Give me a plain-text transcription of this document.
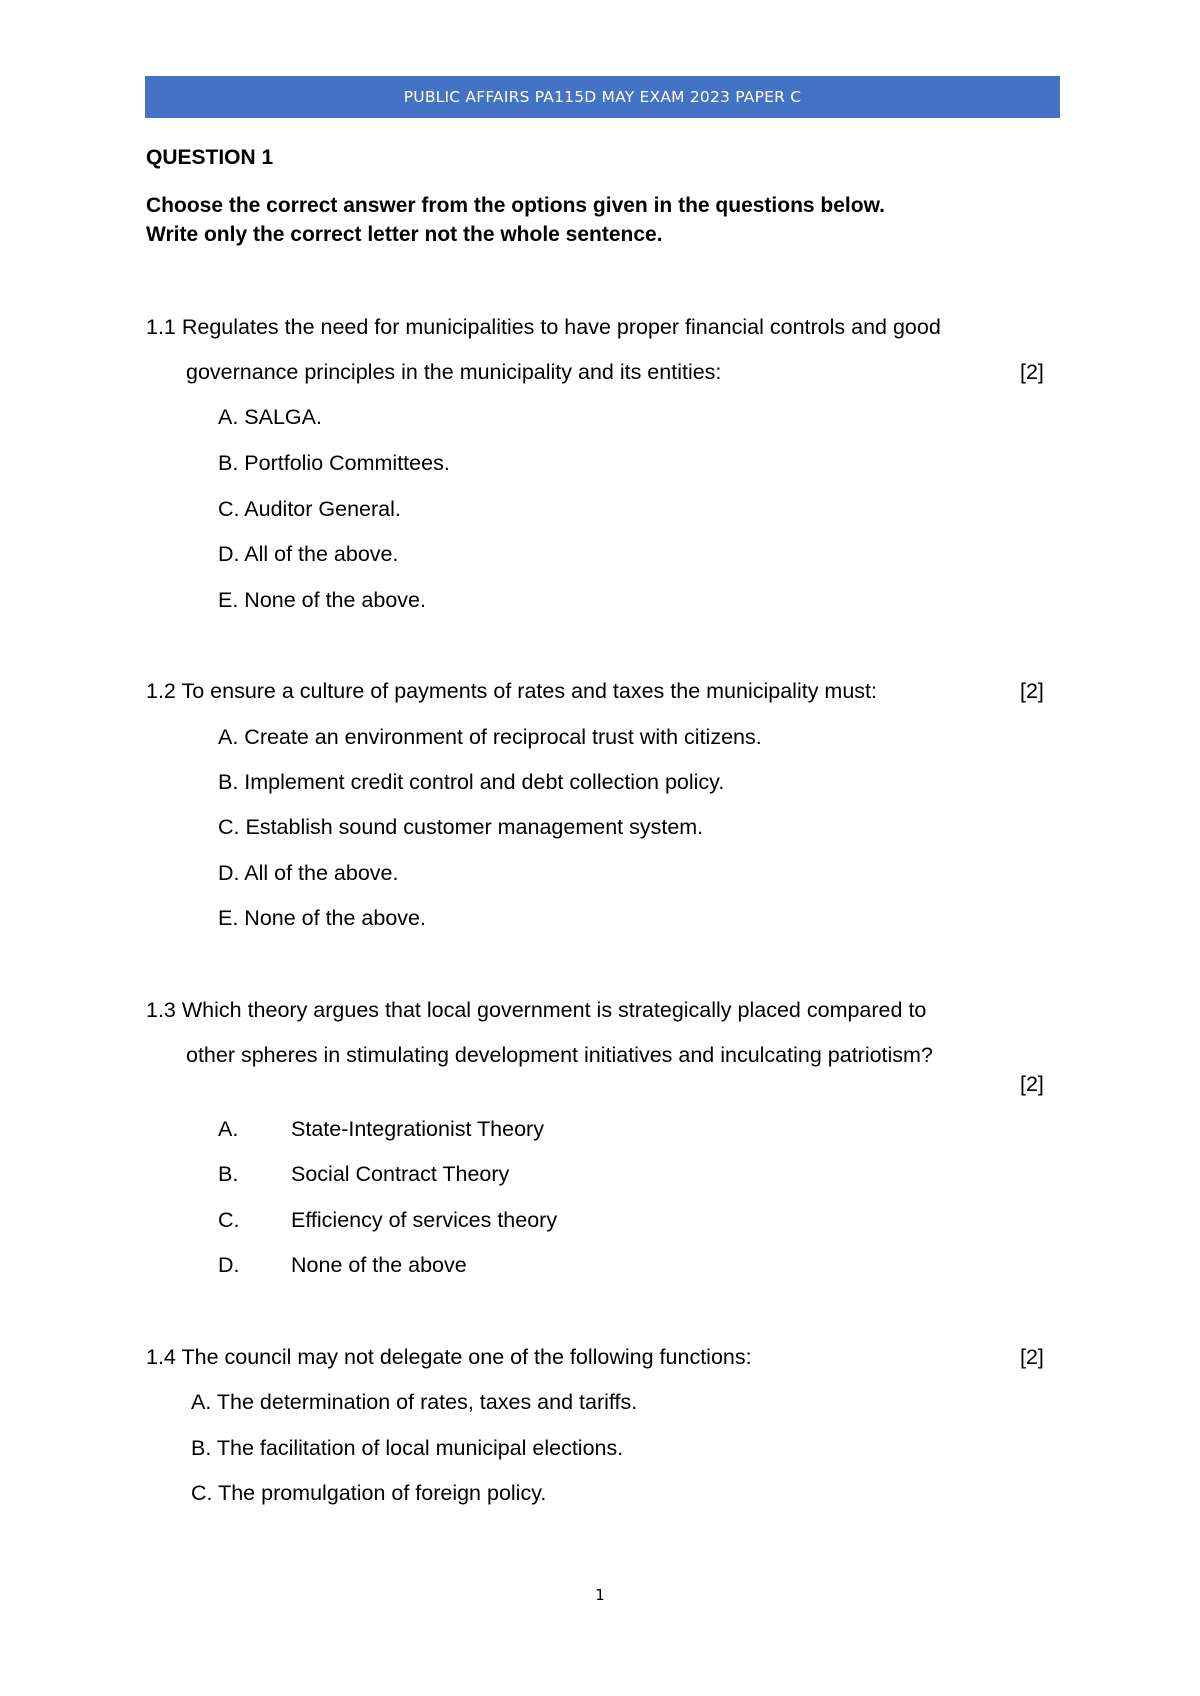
PUBLIC AFFAIRS PA115D MAY EXAM 2023 PAPER C
QUESTION 1
Choose the correct answer from the options given in the questions below.
Write only the correct letter not the whole sentence.
1.1 Regulates the need for municipalities to have proper financial controls and good
governance principles in the municipality and its entities:	[2]
A. SALGA.
B. Portfolio Committees.
C. Auditor General.
D. All of the above.
E. None of the above.
1.2 To ensure a culture of payments of rates and taxes the municipality must:	[2]
A. Create an environment of reciprocal trust with citizens.
B. Implement credit control and debt collection policy.
C. Establish sound customer management system.
D. All of the above.
E. None of the above.
1.3 Which theory argues that local government is strategically placed compared to
other spheres in stimulating development initiatives and inculcating patriotism?
[2]
A. State-Integrationist Theory
B. Social Contract Theory
C. Efficiency of services theory
D. None of the above
1.4 The council may not delegate one of the following functions:	[2]
A. The determination of rates, taxes and tariffs.
B. The facilitation of local municipal elections.
C. The promulgation of foreign policy.
1
